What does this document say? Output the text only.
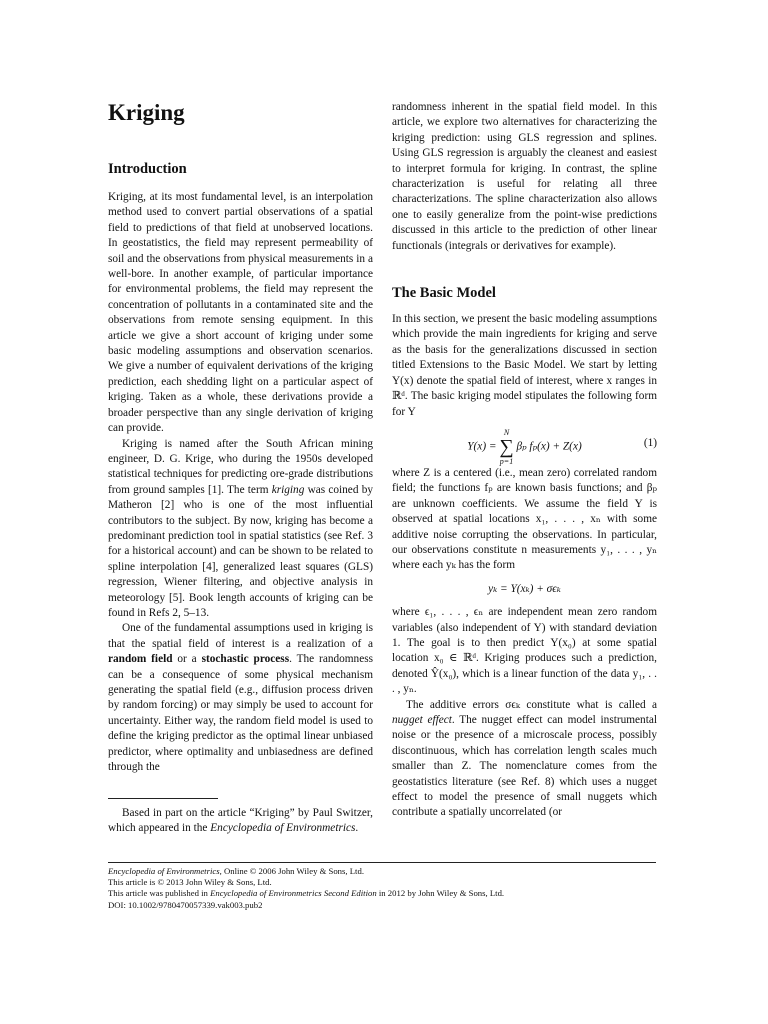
Kriging
Introduction

Kriging, at its most fundamental level, is an interpolation method used to convert partial observations of a spatial field to predictions of that field at unobserved locations. In geostatistics, the field may represent permeability of soil and the observations from physical measurements in a well-bore. In another example, of particular importance for environmental problems, the field may represent the concentration of pollutants in a contaminated site and the observations from remote sensing equipment. In this article we give a short account of kriging under some basic modeling assumptions and observation scenarios. We give a number of equivalent derivations of the kriging prediction, each shedding light on a particular aspect of kriging. Taken as a whole, these derivations provide a broader perspective than any single derivation of kriging can provide.

Kriging is named after the South African mining engineer, D. G. Krige, who during the 1950s developed statistical techniques for predicting ore-grade distributions from ground samples [1]. The term kriging was coined by Matheron [2] who is one of the most influential contributors to the subject. By now, kriging has become a predominant prediction tool in spatial statistics (see Ref. 3 for a historical account) and can be shown to be related to spline interpolation [4], generalized least squares (GLS) regression, Wiener filtering, and objective analysis in meteorology [5]. Book length accounts of kriging can be found in Refs 2, 5–13.

One of the fundamental assumptions used in kriging is that the spatial field of interest is a realization of a random field or a stochastic process. The randomness can be a consequence of some physical mechanism generating the spatial field (e.g., diffusion process driven by random forcing) or may simply be used to account for uncertainty. Either way, the random field model is used to define the kriging predictor as the optimal linear unbiased predictor, where optimality and unbiasedness are defined through the

randomness inherent in the spatial field model. In this article, we explore two alternatives for characterizing the kriging prediction: using GLS regression and splines. Using GLS regression is arguably the cleanest and easiest to interpret formula for kriging. In contrast, the spline characterization is useful for relating all three characterizations. The spline characterization also allows one to easily generalize from the point-wise predictions discussed in this article to the prediction of other linear functionals (integrals or derivatives for example).

The Basic Model

In this section, we present the basic modeling assumptions which provide the main ingredients for kriging and serve as the basis for the generalizations discussed in section titled Extensions to the Basic Model. We start by letting Y(x) denote the spatial field of interest, where x ranges in ℝᵈ. The basic kriging model stipulates the following form for Y

Y(x) =
N
∑
p=1
βₚ fₚ(x) + Z(x)	(1)

where Z is a centered (i.e., mean zero) correlated random field; the functions fₚ are known basis functions; and βₚ are unknown coefficients. We assume the field Y is observed at spatial locations x₁, . . . , xₙ with some additive noise corrupting the observations. In particular, our observations constitute n measurements y₁, . . . , yₙ where each yₖ has the form

yₖ = Y(xₖ) + σϵₖ

where ϵ₁, . . . , ϵₙ are independent mean zero random variables (also independent of Y) with standard deviation 1. The goal is to then predict Y(x₀) at some spatial location x₀ ∈ ℝᵈ. Kriging produces such a prediction, denoted Ŷ(x₀), which is a linear function of the data y₁, . . . , yₙ.

The additive errors σϵₖ constitute what is called a nugget effect. The nugget effect can model instrumental noise or the presence of a microscale process, possibly discontinuous, which has correlation length scales much smaller than Z. The nomenclature comes from the geostatistics literature (see Ref. 8) which uses a nugget effect to model the presence of small nuggets which contribute a spatially uncorrelated (or

Based in part on the article “Kriging” by Paul Switzer, which appeared in the Encyclopedia of Environmetrics.

Encyclopedia of Environmetrics, Online © 2006 John Wiley & Sons, Ltd.
This article is © 2013 John Wiley & Sons, Ltd.
This article was published in Encyclopedia of Environmetrics Second Edition in 2012 by John Wiley & Sons, Ltd.
DOI: 10.1002/9780470057339.vak003.pub2
